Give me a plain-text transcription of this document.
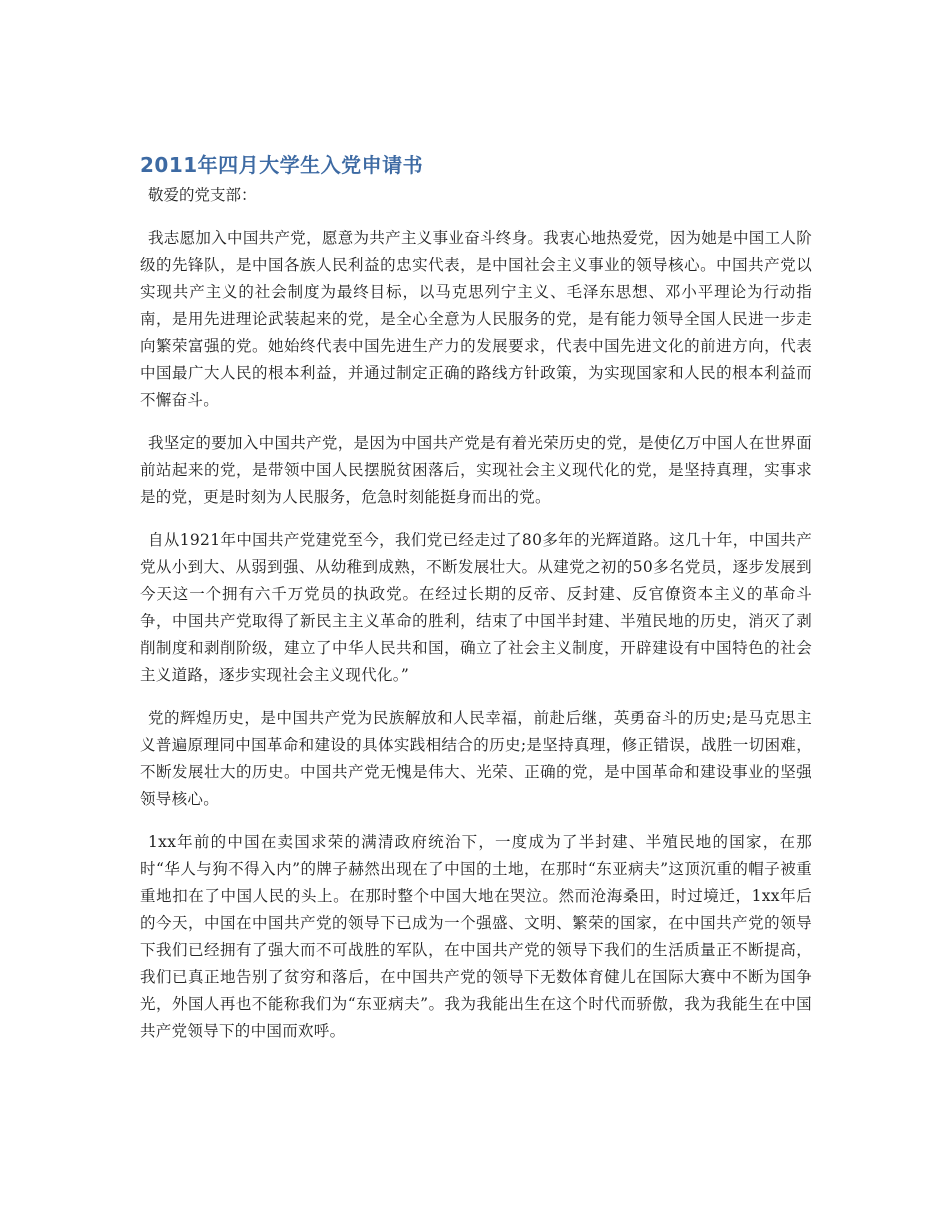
2011年四月大学生入党申请书

敬爱的党支部：

我志愿加入中国共产党，愿意为共产主义事业奋斗终身。我衷心地热爱党，因为她是中国工人阶级的先锋队，是中国各族人民利益的忠实代表，是中国社会主义事业的领导核心。中国共产党以实现共产主义的社会制度为最终目标，以马克思列宁主义、毛泽东思想、邓小平理论为行动指南，是用先进理论武装起来的党，是全心全意为人民服务的党，是有能力领导全国人民进一步走向繁荣富强的党。她始终代表中国先进生产力的发展要求，代表中国先进文化的前进方向，代表中国最广大人民的根本利益，并通过制定正确的路线方针政策，为实现国家和人民的根本利益而不懈奋斗。

我坚定的要加入中国共产党，是因为中国共产党是有着光荣历史的党，是使亿万中国人在世界面前站起来的党，是带领中国人民摆脱贫困落后，实现社会主义现代化的党，是坚持真理，实事求是的党，更是时刻为人民服务，危急时刻能挺身而出的党。

自从1921年中国共产党建党至今，我们党已经走过了80多年的光辉道路。这几十年，中国共产党从小到大、从弱到强、从幼稚到成熟，不断发展壮大。从建党之初的50多名党员，逐步发展到今天这一个拥有六千万党员的执政党。在经过长期的反帝、反封建、反官僚资本主义的革命斗争，中国共产党取得了新民主主义革命的胜利，结束了中国半封建、半殖民地的历史，消灭了剥削制度和剥削阶级，建立了中华人民共和国，确立了社会主义制度，开辟建设有中国特色的社会主义道路，逐步实现社会主义现代化。”

党的辉煌历史，是中国共产党为民族解放和人民幸福，前赴后继，英勇奋斗的历史;是马克思主义普遍原理同中国革命和建设的具体实践相结合的历史;是坚持真理，修正错误，战胜一切困难，不断发展壮大的历史。中国共产党无愧是伟大、光荣、正确的党，是中国革命和建设事业的坚强领导核心。

1xx年前的中国在卖国求荣的满清政府统治下，一度成为了半封建、半殖民地的国家，在那时“华人与狗不得入内”的牌子赫然出现在了中国的土地，在那时“东亚病夫”这顶沉重的帽子被重重地扣在了中国人民的头上。在那时整个中国大地在哭泣。然而沧海桑田，时过境迁，1xx年后的今天，中国在中国共产党的领导下已成为一个强盛、文明、繁荣的国家，在中国共产党的领导下我们已经拥有了强大而不可战胜的军队，在中国共产党的领导下我们的生活质量正不断提高，我们已真正地告别了贫穷和落后，在中国共产党的领导下无数体育健儿在国际大赛中不断为国争光，外国人再也不能称我们为“东亚病夫”。我为我能出生在这个时代而骄傲，我为我能生在中国共产党领导下的中国而欢呼。
